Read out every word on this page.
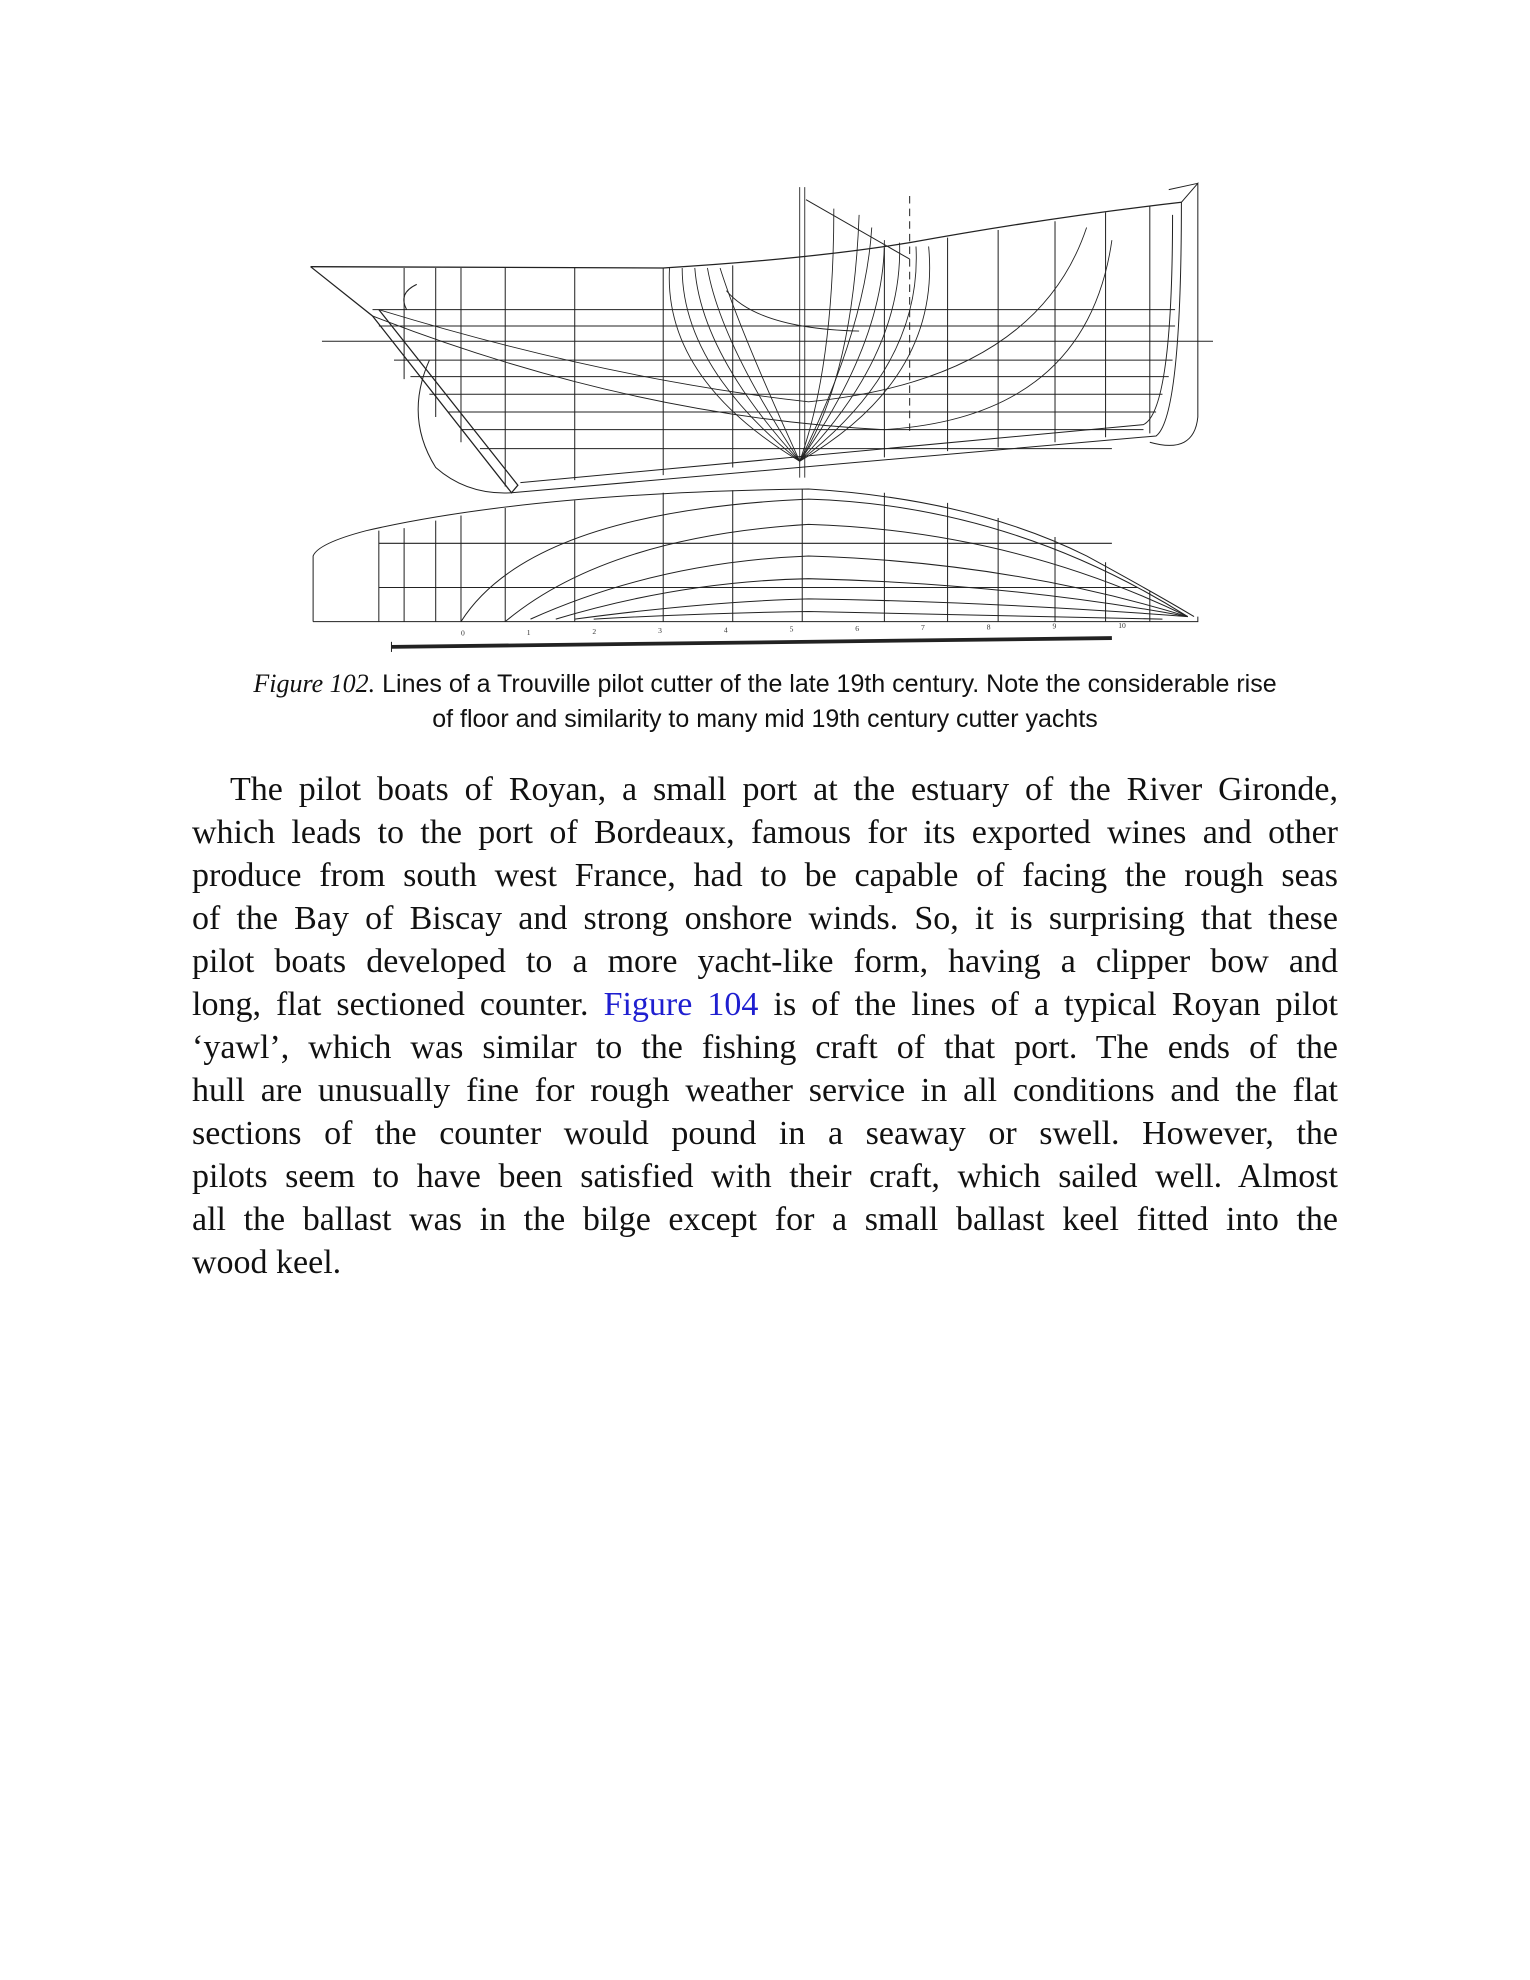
0	1	2	3	4	5	6	7	8	9	10
Figure 102. Lines of a Trouville pilot cutter of the late 19th century. Note the considerable rise
of floor and similarity to many mid 19th century cutter yachts
The pilot boats of Royan, a small port at the estuary of the River Gironde,
which leads to the port of Bordeaux, famous for its exported wines and other
produce from south west France, had to be capable of facing the rough seas
of the Bay of Biscay and strong onshore winds. So, it is surprising that these
pilot boats developed to a more yacht-like form, having a clipper bow and
long, flat sectioned counter. Figure 104 is of the lines of a typical Royan pilot
‘yawl’, which was similar to the fishing craft of that port. The ends of the
hull are unusually fine for rough weather service in all conditions and the flat
sections of the counter would pound in a seaway or swell. However, the
pilots seem to have been satisfied with their craft, which sailed well. Almost
all the ballast was in the bilge except for a small ballast keel fitted into the
wood keel.
